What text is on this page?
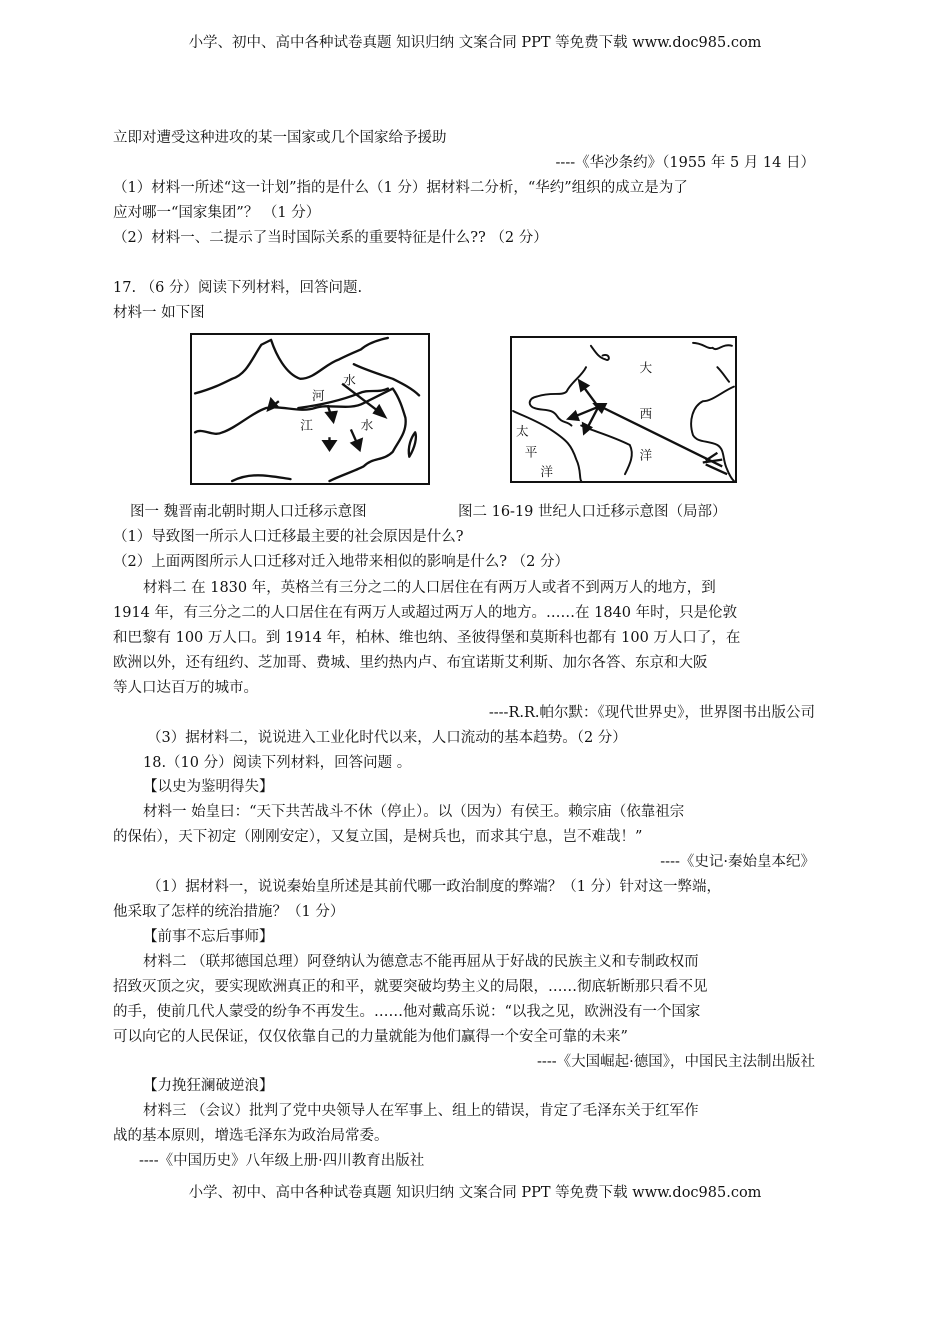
小学、初中、高中各种试卷真题 知识归纳 文案合同 PPT 等免费下载 www.doc985.com
立即对遭受这种进攻的某一国家或几个国家给予援助
----《华沙条约》（1955 年 5 月 14 日）
（1）材料一所述“这一计划”指的是什么（1 分）据材料二分析，“华约”组织的成立是为了
应对哪一“国家集团”？ （1 分）
（2）材料一、二提示了当时国际关系的重要特征是什么?? （2 分）
17. （6 分）阅读下列材料，回答问题.
材料一 如下图
河
水
江	水
大
西
洋
太
平
洋
图一 魏晋南北朝时期人口迁移示意图	图二 16-19 世纪人口迁移示意图（局部）
（1）导致图一所示人口迁移最主要的社会原因是什么?
（2）上面两图所示人口迁移对迁入地带来相似的影响是什么? （2 分）
材料二 在 1830 年，英格兰有三分之二的人口居住在有两万人或者不到两万人的地方，到
1914 年，有三分之二的人口居住在有两万人或超过两万人的地方。……在 1840 年时，只是伦敦
和巴黎有 100 万人口。到 1914 年，柏林、维也纳、圣彼得堡和莫斯科也都有 100 万人口了，在
欧洲以外，还有纽约、芝加哥、费城、里约热内卢、布宜诺斯艾利斯、加尔各答、东京和大阪
等人口达百万的城市。
----R.R.帕尔默：《现代世界史》，世界图书出版公司
（3）据材料二，说说进入工业化时代以来，人口流动的基本趋势。（2 分）
18.（10 分）阅读下列材料，回答问题 。
【以史为鉴明得失】
材料一 始皇曰：“天下共苦战斗不休（停止）。以（因为）有侯王。赖宗庙（依靠祖宗
的保佑），天下初定（刚刚安定），又复立国，是树兵也，而求其宁息，岂不难哉！”
----《史记·秦始皇本纪》
（1）据材料一，说说秦始皇所述是其前代哪一政治制度的弊端？（1 分）针对这一弊端，
他采取了怎样的统治措施？（1 分）
【前事不忘后事师】
材料二 （联邦德国总理）阿登纳认为德意志不能再屈从于好战的民族主义和专制政权而
招致灭顶之灾，要实现欧洲真正的和平，就要突破均势主义的局限，……彻底斩断那只看不见
的手，使前几代人蒙受的纷争不再发生。……他对戴高乐说：“以我之见，欧洲没有一个国家
可以向它的人民保证，仅仅依靠自己的力量就能为他们赢得一个安全可靠的未来”
----《大国崛起·德国》，中国民主法制出版社
【力挽狂澜破逆浪】
材料三 （会议）批判了党中央领导人在军事上、组上的错误，肯定了毛泽东关于红军作
战的基本原则，增选毛泽东为政治局常委。
----《中国历史》八年级上册·四川教育出版社
小学、初中、高中各种试卷真题 知识归纳 文案合同 PPT 等免费下载 www.doc985.com
